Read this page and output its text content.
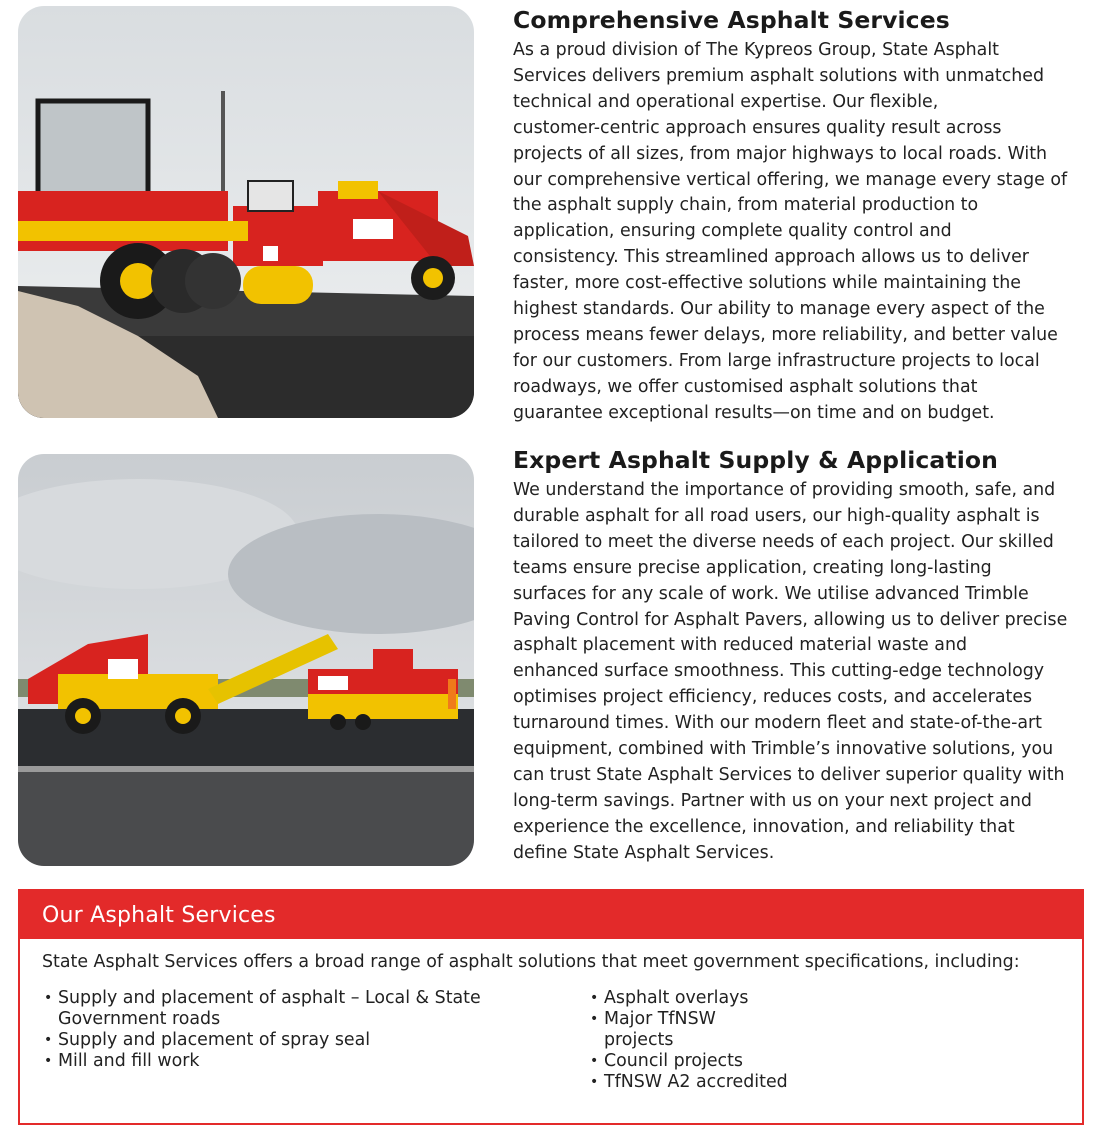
Comprehensive Asphalt Services

As a proud division of The Kypreos Group, State Asphalt
Services delivers premium asphalt solutions with unmatched
technical and operational expertise. Our flexible,
customer-centric approach ensures quality result across
projects of all sizes, from major highways to local roads. With
our comprehensive vertical offering, we manage every stage of
the asphalt supply chain, from material production to
application, ensuring complete quality control and
consistency. This streamlined approach allows us to deliver
faster, more cost-effective solutions while maintaining the
highest standards. Our ability to manage every aspect of the
process means fewer delays, more reliability, and better value
for our customers. From large infrastructure projects to local
roadways, we offer customised asphalt solutions that
guarantee exceptional results—on time and on budget.

Expert Asphalt Supply & Application

We understand the importance of providing smooth, safe, and
durable asphalt for all road users, our high-quality asphalt is
tailored to meet the diverse needs of each project. Our skilled
teams ensure precise application, creating long-lasting
surfaces for any scale of work. We utilise advanced Trimble
Paving Control for Asphalt Pavers, allowing us to deliver precise
asphalt placement with reduced material waste and
enhanced surface smoothness. This cutting-edge technology
optimises project efficiency, reduces costs, and accelerates
turnaround times. With our modern fleet and state-of-the-art
equipment, combined with Trimble’s innovative solutions, you
can trust State Asphalt Services to deliver superior quality with
long-term savings. Partner with us on your next project and
experience the excellence, innovation, and reliability that
define State Asphalt Services.

Our Asphalt Services
State Asphalt Services offers a broad range of asphalt solutions that meet government specifications, including:
• Supply and placement of asphalt – Local & State
Government roads
• Supply and placement of spray seal
• Mill and fill work
• Asphalt overlays
• Major TfNSW
projects
• Council projects
• TfNSW A2 accredited
